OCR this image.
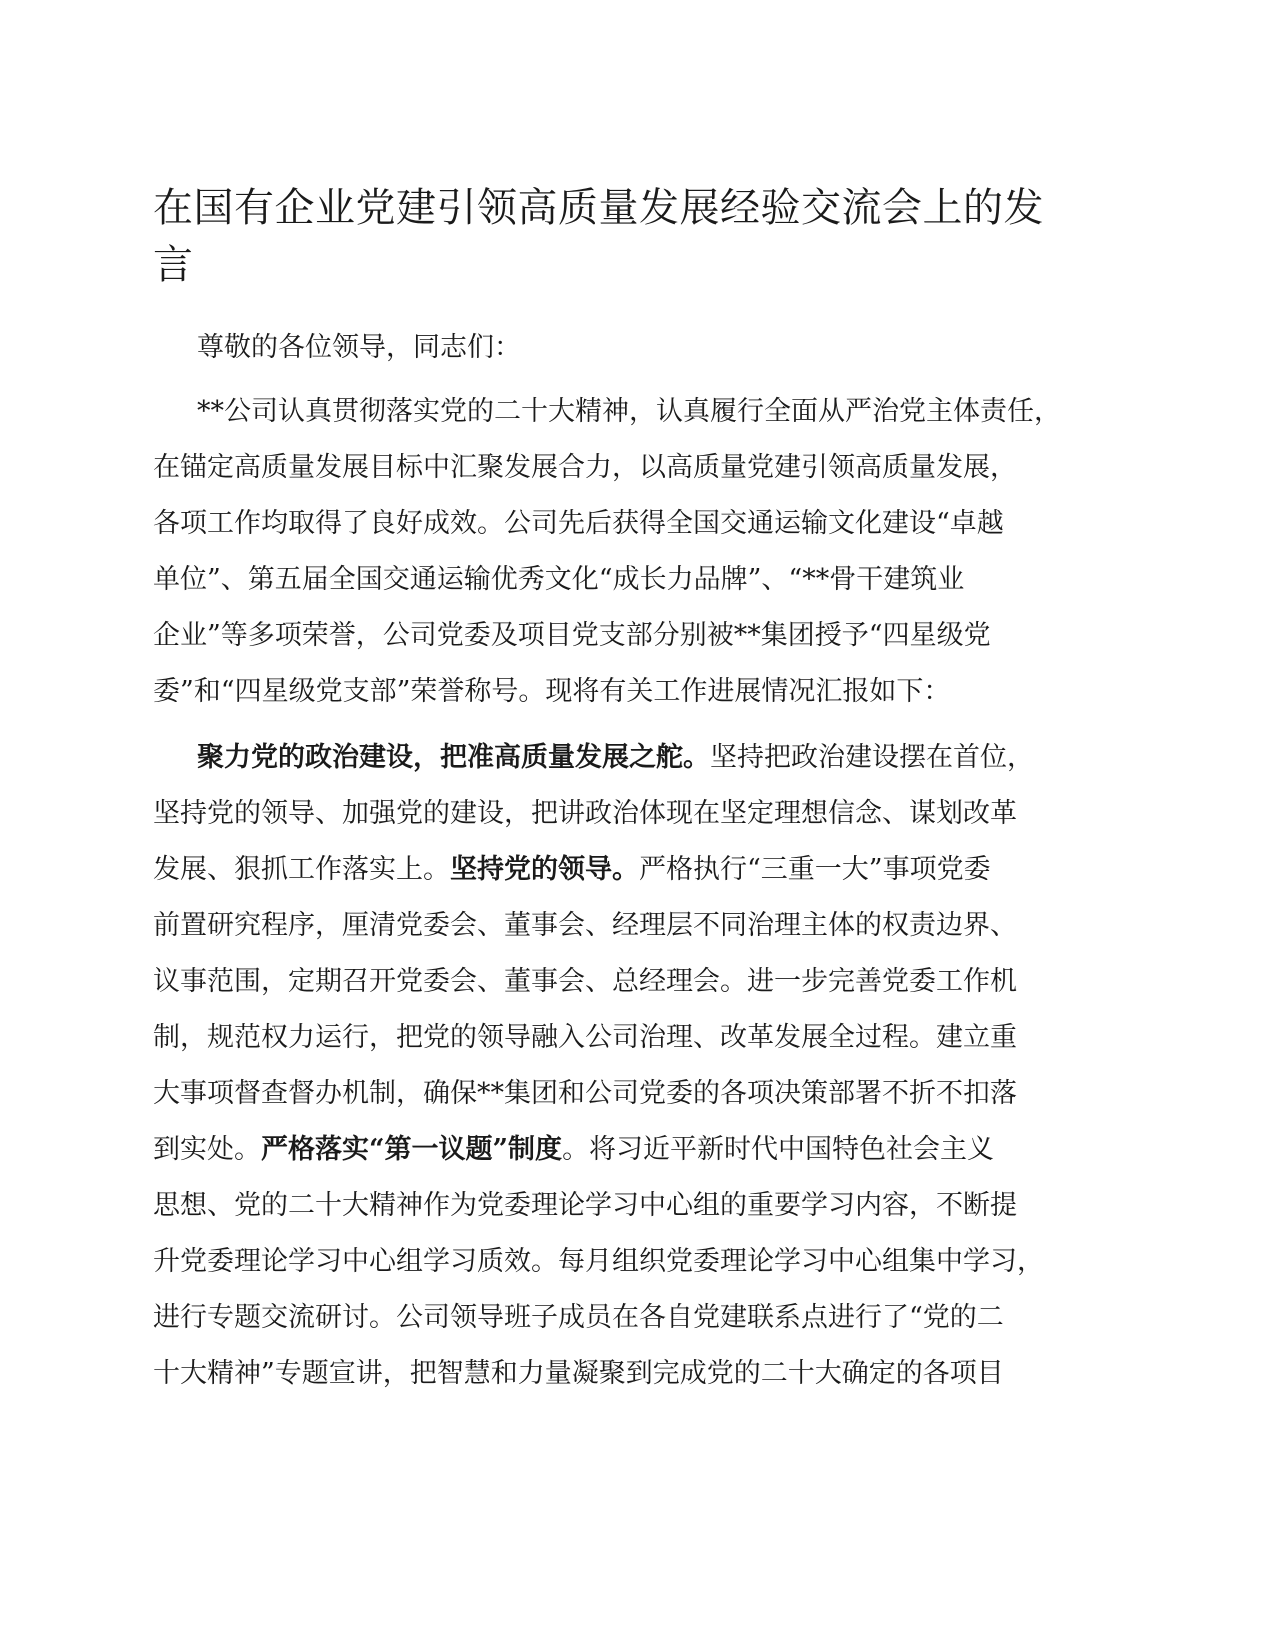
在国有企业党建引领高质量发展经验交流会上的发
言

尊敬的各位领导，同志们：

**公司认真贯彻落实党的二十大精神，认真履行全面从严治党主体责任，
在锚定高质量发展目标中汇聚发展合力，以高质量党建引领高质量发展，
各项工作均取得了良好成效。公司先后获得全国交通运输文化建设“卓越
单位”、第五届全国交通运输优秀文化“成长力品牌”、“**骨干建筑业
企业”等多项荣誉，公司党委及项目党支部分别被**集团授予“四星级党
委”和“四星级党支部”荣誉称号。现将有关工作进展情况汇报如下：

聚力党的政治建设，把准高质量发展之舵。坚持把政治建设摆在首位，
坚持党的领导、加强党的建设，把讲政治体现在坚定理想信念、谋划改革
发展、狠抓工作落实上。坚持党的领导。严格执行“三重一大”事项党委
前置研究程序，厘清党委会、董事会、经理层不同治理主体的权责边界、
议事范围，定期召开党委会、董事会、总经理会。进一步完善党委工作机
制，规范权力运行，把党的领导融入公司治理、改革发展全过程。建立重
大事项督查督办机制，确保**集团和公司党委的各项决策部署不折不扣落
到实处。严格落实“第一议题”制度。将习近平新时代中国特色社会主义
思想、党的二十大精神作为党委理论学习中心组的重要学习内容，不断提
升党委理论学习中心组学习质效。每月组织党委理论学习中心组集中学习，
进行专题交流研讨。公司领导班子成员在各自党建联系点进行了“党的二
十大精神”专题宣讲，把智慧和力量凝聚到完成党的二十大确定的各项目
